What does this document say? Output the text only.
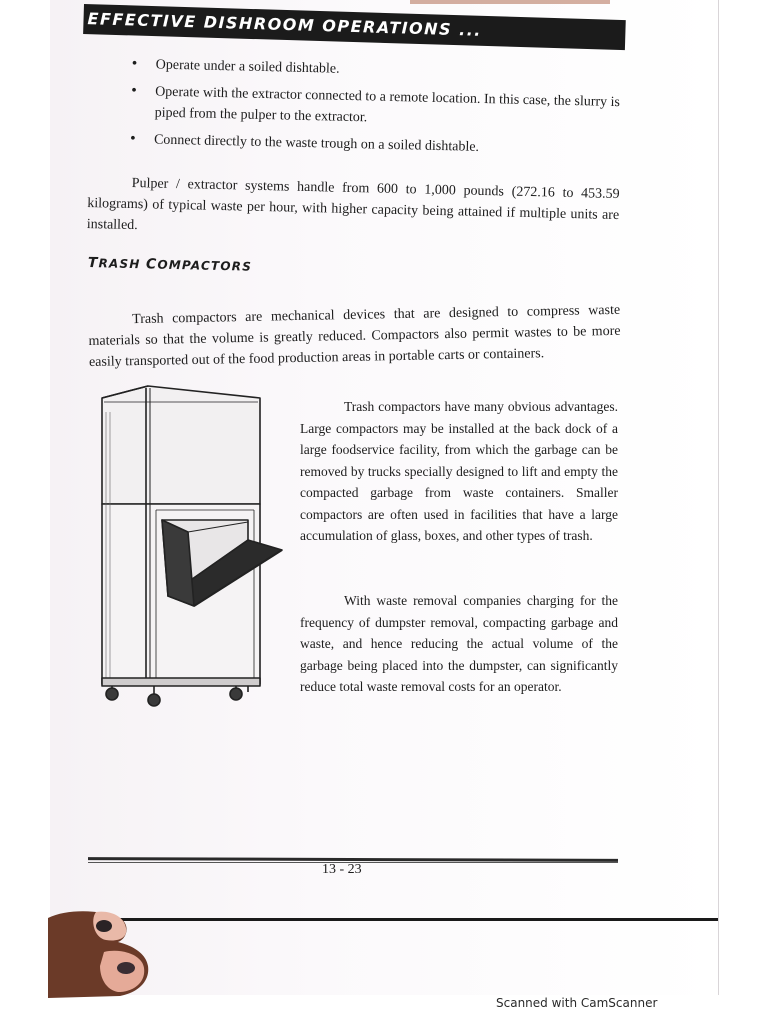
EFFECTIVE DISHROOM OPERATIONS ...
• Operate under a soiled dishtable.
• Operate with the extractor connected to a remote location. In this case, the slurry is piped from the pulper to the extractor.
• Connect directly to the waste trough on a soiled dishtable.
Pulper / extractor systems handle from 600 to 1,000 pounds (272.16 to 453.59 kilograms) of typical waste per hour, with higher capacity being attained if multiple units are installed.
TRASH COMPACTORS
Trash compactors are mechanical devices that are designed to compress waste materials so that the volume is greatly reduced. Compactors also permit wastes to be more easily transported out of the food production areas in portable carts or containers.
Trash compactors have many obvious advantages. Large compactors may be installed at the back dock of a large foodservice facility, from which the garbage can be removed by trucks specially designed to lift and empty the compacted garbage from waste containers. Smaller compactors are often used in facilities that have a large accumulation of glass, boxes, and other types of trash.
With waste removal companies charging for the frequency of dumpster removal, compacting garbage and waste, and hence reducing the actual volume of the garbage being placed into the dumpster, can significantly reduce total waste removal costs for an operator.
13 - 23
Scanned with CamScanner
